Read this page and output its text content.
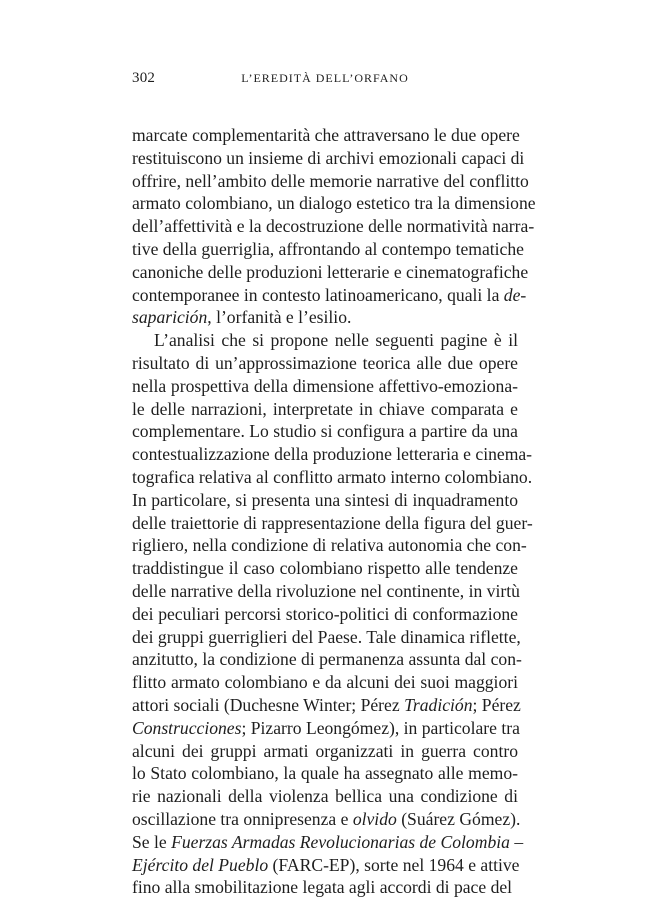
302	L’EREDITÀ DELL’ORFANO
marcate complementarità che attraversano le due opere
restituiscono un insieme di archivi emozionali capaci di
offrire, nell’ambito delle memorie narrative del conflitto
armato colombiano, un dialogo estetico tra la dimensione
dell’affettività e la decostruzione delle normatività narra-
tive della guerriglia, affrontando al contempo tematiche
canoniche delle produzioni letterarie e cinematografiche
contemporanee in contesto latinoamericano, quali la de-
saparición, l’orfanità e l’esilio.
L’analisi che si propone nelle seguenti pagine è il
risultato di un’approssimazione teorica alle due opere
nella prospettiva della dimensione affettivo-emoziona-
le delle narrazioni, interpretate in chiave comparata e
complementare. Lo studio si configura a partire da una
contestualizzazione della produzione letteraria e cinema-
tografica relativa al conflitto armato interno colombiano.
In particolare, si presenta una sintesi di inquadramento
delle traiettorie di rappresentazione della figura del guer-
rigliero, nella condizione di relativa autonomia che con-
traddistingue il caso colombiano rispetto alle tendenze
delle narrative della rivoluzione nel continente, in virtù
dei peculiari percorsi storico-politici di conformazione
dei gruppi guerriglieri del Paese. Tale dinamica riflette,
anzitutto, la condizione di permanenza assunta dal con-
flitto armato colombiano e da alcuni dei suoi maggiori
attori sociali (Duchesne Winter; Pérez Tradición; Pérez
Construcciones; Pizarro Leongómez), in particolare tra
alcuni dei gruppi armati organizzati in guerra contro
lo Stato colombiano, la quale ha assegnato alle memo-
rie nazionali della violenza bellica una condizione di
oscillazione tra onnipresenza e olvido (Suárez Gómez).
Se le Fuerzas Armadas Revolucionarias de Colombia –
Ejército del Pueblo (FARC-EP), sorte nel 1964 e attive
fino alla smobilitazione legata agli accordi di pace del
